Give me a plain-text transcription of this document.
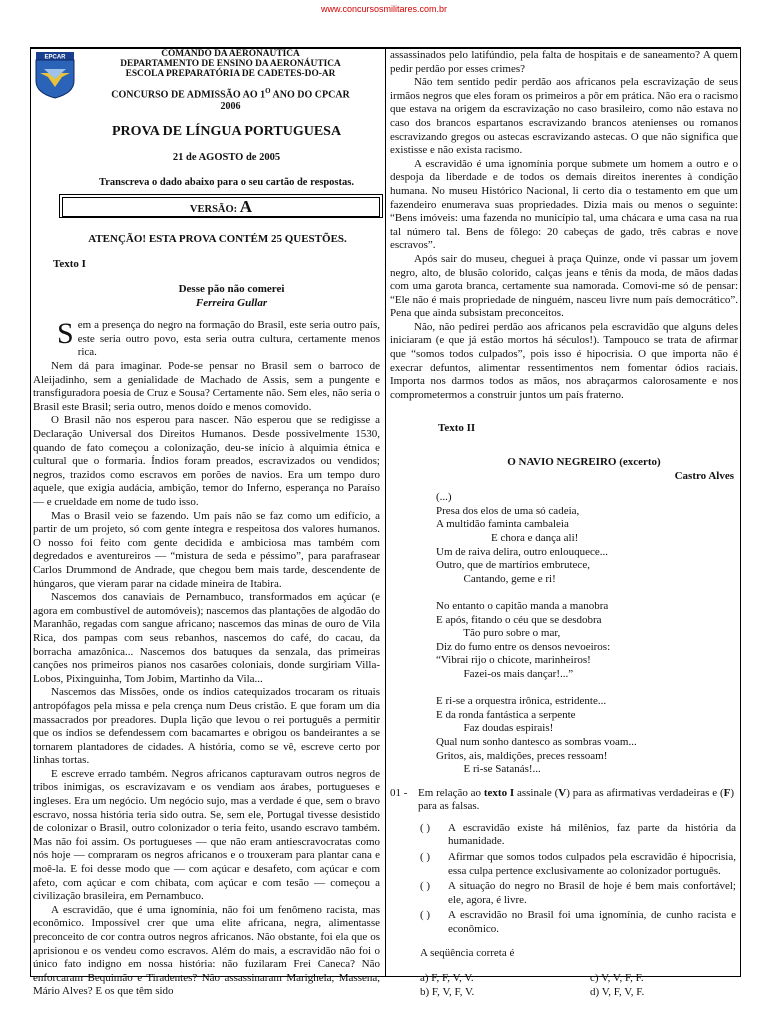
www.concursosmilitares.com.br
EPCAR	COMANDO DA AERONÁUTICA
DEPARTAMENTO DE ENSINO DA AERONÁUTICA
ESCOLA PREPARATÓRIA DE CADETES-DO-AR
CONCURSO DE ADMISSÃO AO $1^O$ ANO DO CPCAR
2006
PROVA DE LÍNGUA PORTUGUESA
21 de AGOSTO de 2005
Transcreva o dado abaixo para o seu cartão de respostas.
VERSÃO: A
ATENÇÃO! ESTA PROVA CONTÉM 25 QUESTÕES.
Texto I
Desse pão não comerei
Ferreira Gullar

Sem a presença do negro na formação do Brasil, este seria outro país, este seria outro povo, esta seria outra cultura, certamente menos rica.

Nem dá para imaginar. Pode-se pensar no Brasil sem o barroco de Aleijadinho, sem a genialidade de Machado de Assis, sem a pungente e transfiguradora poesia de Cruz e Sousa? Certamente não. Sem eles, não seria o Brasil este Brasil; seria outro, menos doído e menos comovido.

O Brasil não nos esperou para nascer. Não esperou que se redigisse a Declaração Universal dos Direitos Humanos. Desde possivelmente 1530, quando de fato começou a colonização, deu-se início à alquimia étnica e cultural que o formaria. Índios foram preados, escravizados ou vendidos; negros, trazidos como escravos em porões de navios. Era um tempo duro aquele, que exigia audácia, ambição, temor do Inferno, esperança no Paraíso — e crueldade em nome de tudo isso.

Mas o Brasil veio se fazendo. Um país não se faz como um edifício, a partir de um projeto, só com gente íntegra e respeitosa dos valores humanos. O nosso foi feito com gente decidida e ambiciosa mas também com degredados e aventureiros — “mistura de seda e péssimo”, para parafrasear Carlos Drummond de Andrade, que chegou bem mais tarde, descendente de húngaros, que vieram parar na cidade mineira de Itabira.

Nascemos dos canaviais de Pernambuco, transformados em açúcar (e agora em combustível de automóveis); nascemos das plantações de algodão do Maranhão, regadas com sangue africano; nascemos das minas de ouro de Vila Rica, dos pampas com seus rebanhos, nascemos do café, do cacau, da borracha amazônica... Nascemos dos batuques da senzala, das primeiras canções nos primeiros pianos nos casarões coloniais, donde surgiriam Villa-Lobos, Pixinguinha, Tom Jobim, Martinho da Vila...

Nascemos das Missões, onde os índios catequizados trocaram os rituais antropófagos pela missa e pela crença num Deus cristão. E que foram um dia massacrados por preadores. Dupla lição que levou o rei português a permitir que os índios se defendessem com bacamartes e obrigou os bandeirantes a se tornarem plantadores de cidades. A história, como se vê, escreve certo por linhas tortas.

E escreve errado também. Negros africanos capturavam outros negros de tribos inimigas, os escravizavam e os vendiam aos árabes, portugueses e ingleses. Era um negócio. Um negócio sujo, mas a verdade é que, sem o bravo escravo, nossa história teria sido outra. Se, sem ele, Portugal tivesse desistido de colonizar o Brasil, outro colonizador o teria feito, usando escravo também. Mas não foi assim. Os portugueses — que não eram antiescravocratas como nós hoje — compraram os negros africanos e o trouxeram para plantar cana e moê-la. E foi desse modo que — com açúcar e desafeto, com açúcar e com afeto, com açúcar e com chibata, com açúcar e com tesão — começou a civilização brasileira, em Pernambuco.

A escravidão, que é uma ignomínia, não foi um fenômeno racista, mas econômico. Impossível crer que uma elite africana, negra, alimentasse preconceito de cor contra outros negros africanos. Não obstante, foi ela que os aprisionou e os vendeu como escravos. Além do mais, a escravidão não foi o único fato indigno em nossa história: não fuzilaram Frei Caneca? Não enforcaram Bequimão e Tiradentes? Não assassinaram Marighela, Massena, Mário Alves? E os que têm sido

assassinados pelo latifúndio, pela falta de hospitais e de saneamento? A quem pedir perdão por esses crimes?

Não tem sentido pedir perdão aos africanos pela escravização de seus irmãos negros que eles foram os primeiros a pôr em prática. Não era o racismo que estava na origem da escravização no caso brasileiro, como não estava no caso dos brancos espartanos escravizando brancos atenienses ou romanos escravizando gregos ou astecas escravizando astecas. O que não significa que existisse e não exista racismo.

A escravidão é uma ignomínia porque submete um homem a outro e o despoja da liberdade e de todos os demais direitos inerentes à condição humana. No museu Histórico Nacional, li certo dia o testamento em que um fazendeiro enumerava suas propriedades. Dizia mais ou menos o seguinte: “Bens imóveis: uma fazenda no município tal, uma chácara e uma casa na rua tal número tal. Bens de fôlego: 20 cabeças de gado, três cabras e nove escravos”.

Após sair do museu, cheguei à praça Quinze, onde vi passar um jovem negro, alto, de blusão colorido, calças jeans e tênis da moda, de mãos dadas com uma garota branca, certamente sua namorada. Comovi-me só de pensar: “Ele não é mais propriedade de ninguém, nasceu livre num país democrático”. Pena que ainda subsistam preconceitos.

Não, não pedirei perdão aos africanos pela escravidão que alguns deles iniciaram (e que já estão mortos há séculos!). Tampouco se trata de afirmar que “somos todos culpados”, pois isso é hipocrisia. O que importa não é execrar defuntos, alimentar ressentimentos nem fomentar ódios raciais. Importa nos darmos todos as mãos, nos abraçarmos calorosamente e nos comprometermos a construir juntos um país fraterno.

Texto II
O NAVIO NEGREIRO (excerto)
Castro Alves
(...)
Presa dos elos de uma só cadeia,
A multidão faminta cambaleia
E chora e dança ali!
Um de raiva delira, outro enlouquece...
Outro, que de martírios embrutece,
Cantando, geme e ri!
No entanto o capitão manda a manobra
E após, fitando o céu que se desdobra
Tão puro sobre o mar,
Diz do fumo entre os densos nevoeiros:
“Vibrai rijo o chicote, marinheiros!
Fazei-os mais dançar!...”
E ri-se a orquestra irônica, estridente...
E da ronda fantástica a serpente
Faz doudas espirais!
Qual num sonho dantesco as sombras voam...
Gritos, ais, maldições, preces ressoam!
E ri-se Satanás!...
01 - Em relação ao texto I assinale (V) para as afirmativas verdadeiras e (F) para as falsas.
( )	A escravidão existe há milênios, faz parte da história da humanidade.
( )	Afirmar que somos todos culpados pela escravidão é hipocrisia, essa culpa pertence exclusivamente ao colonizador português.
( )	A situação do negro no Brasil de hoje é bem mais confortável; ele, agora, é livre.
( )	A escravidão no Brasil foi uma ignomínia, de cunho racista e econômico.
A seqüência correta é
a) F, F, V, V.	c) V, V, F, F.
b) F, V, F, V.	d) V, F, V, F.
